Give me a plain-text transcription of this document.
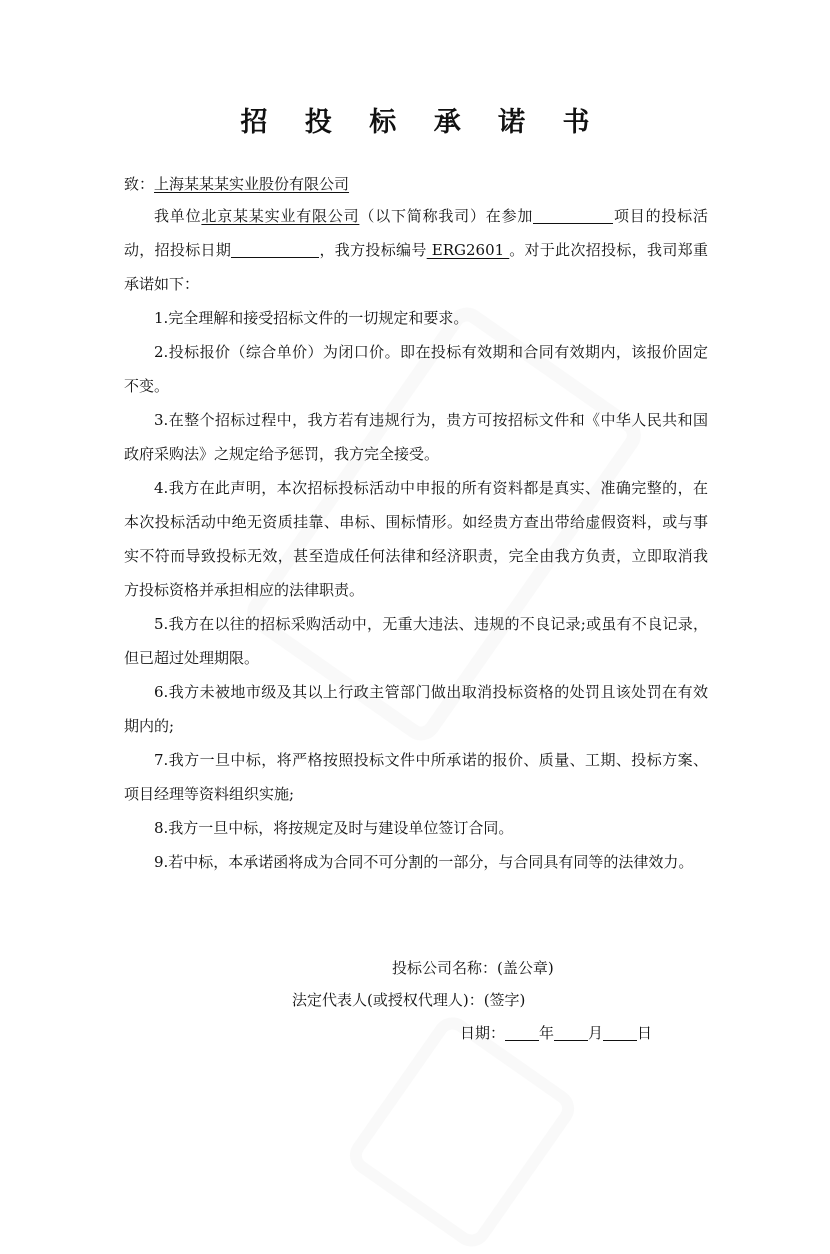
招 投 标 承 诺 书
致：上海某某某实业股份有限公司

我单位北京某某实业有限公司（以下简称我司）在参加	项目的投标活动，招投标日期	，我方投标编号 ERG2601 。对于此次招投标，我司郑重承诺如下：

1.完全理解和接受招标文件的一切规定和要求。

2.投标报价（综合单价）为闭口价。即在投标有效期和合同有效期内，该报价固定不变。

3.在整个招标过程中，我方若有违规行为，贵方可按招标文件和《中华人民共和国政府采购法》之规定给予惩罚，我方完全接受。

4.我方在此声明，本次招标投标活动中申报的所有资料都是真实、准确完整的，在本次投标活动中绝无资质挂靠、串标、围标情形。如经贵方查出带给虚假资料，或与事实不符而导致投标无效，甚至造成任何法律和经济职责，完全由我方负责，立即取消我方投标资格并承担相应的法律职责。

5.我方在以往的招标采购活动中，无重大违法、违规的不良记录;或虽有不良记录，但已超过处理期限。

6.我方未被地市级及其以上行政主管部门做出取消投标资格的处罚且该处罚在有效期内的;

7.我方一旦中标，将严格按照投标文件中所承诺的报价、质量、工期、投标方案、项目经理等资料组织实施;

8.我方一旦中标，将按规定及时与建设单位签订合同。

9.若中标，本承诺函将成为合同不可分割的一部分，与合同具有同等的法律效力。

投标公司名称：(盖公章)
法定代表人(或授权代理人)：(签字)
日期： 年 月 日
